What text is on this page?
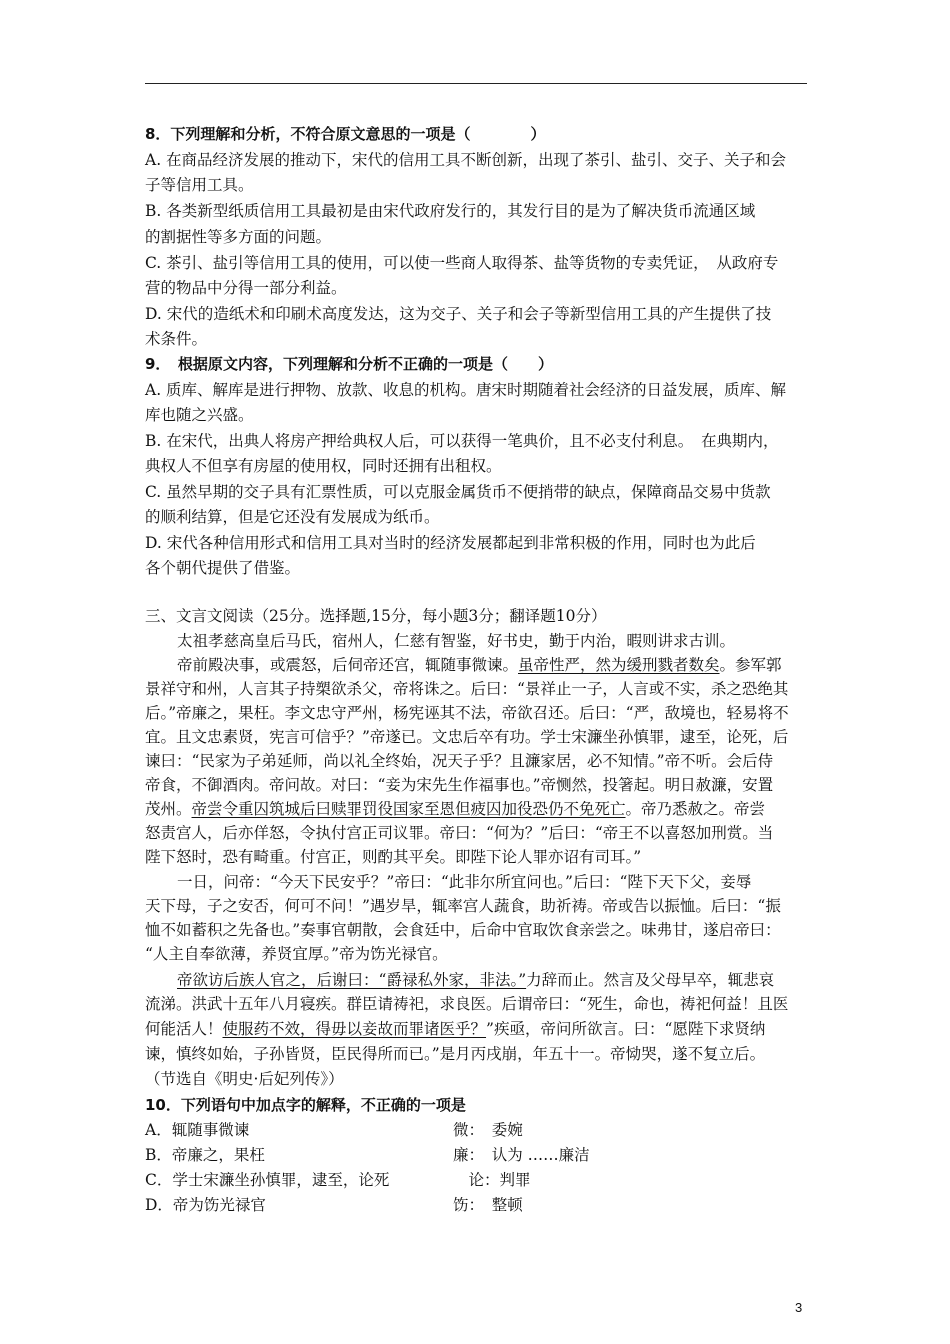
8．下列理解和分析，不符合原文意思的一项是（　　　　）
A. 在商品经济发展的推动下，宋代的信用工具不断创新，出现了茶引、盐引、交子、关子和会
子等信用工具。
B. 各类新型纸质信用工具最初是由宋代政府发行的，其发行目的是为了解决货币流通区域
的割据性等多方面的问题。
C. 茶引、盐引等信用工具的使用，可以使一些商人取得茶、盐等货物的专卖凭证，　从政府专
营的物品中分得一部分利益。
D. 宋代的造纸术和印刷术高度发达，这为交子、关子和会子等新型信用工具的产生提供了技
术条件。
9．　根据原文内容，下列理解和分析不正确的一项是（　　）
A. 质库、解库是进行押物、放款、收息的机构。唐宋时期随着社会经济的日益发展，质库、解
库也随之兴盛。
B. 在宋代，出典人将房产押给典权人后，可以获得一笔典价，且不必支付利息。　在典期内，
典权人不但享有房屋的使用权，同时还拥有出租权。
C. 虽然早期的交子具有汇票性质，可以克服金属货币不便捎带的缺点，保障商品交易中货款
的顺利结算，但是它还没有发展成为纸币。
D. 宋代各种信用形式和信用工具对当时的经济发展都起到非常积极的作用，同时也为此后
各个朝代提供了借鉴。
三、文言文阅读（25分。选择题,15分，每小题3分；翻译题10分）
太祖孝慈高皇后马氏，宿州人，仁慈有智鉴，好书史，勤于内治，暇则讲求古训。
帝前殿决事，或震怒，后伺帝还宫，辄随事微谏。虽帝性严，然为缓刑戮者数矣。参军郭
景祥守和州，人言其子持槊欲杀父，帝将诛之。后曰：“景祥止一子，人言或不实，杀之恐绝其
后。”帝廉之，果枉。李文忠守严州，杨宪诬其不法，帝欲召还。后曰：“严，敌境也，轻易将不
宜。且文忠素贤，宪言可信乎？”帝遂已。文忠后卒有功。学士宋濂坐孙慎罪，逮至，论死，后
谏曰：“民家为子弟延师，尚以礼全终始，况天子乎？且濂家居，必不知情。”帝不听。会后侍
帝食，不御酒肉。帝问故。对曰：“妾为宋先生作福事也。”帝恻然，投箸起。明日赦濂，安置
茂州。帝尝令重囚筑城后曰赎罪罚役国家至恩但疲囚加役恐仍不免死亡。帝乃悉赦之。帝尝
怒责宫人，后亦佯怒，令执付宫正司议罪。帝曰：“何为？”后曰：“帝王不以喜怒加刑赏。当
陛下怒时，恐有畸重。付宫正，则酌其平矣。即陛下论人罪亦诏有司耳。”
一日，问帝：“今天下民安乎？”帝曰：“此非尔所宜问也。”后曰：“陛下天下父，妾辱
天下母，子之安否，何可不问！”遇岁旱，辄率宫人蔬食，助祈祷。帝或告以振恤。后曰：“振
恤不如蓄积之先备也。”奏事官朝散，会食廷中，后命中官取饮食亲尝之。味弗甘，遂启帝曰：
“人主自奉欲薄，养贤宜厚。”帝为饬光禄官。
帝欲访后族人官之，后谢曰：“爵禄私外家，非法。”力辞而止。然言及父母早卒，辄悲哀
流涕。洪武十五年八月寝疾。群臣请祷祀，求良医。后谓帝曰：“死生，命也，祷祀何益！且医
何能活人！使服药不效，得毋以妾故而罪诸医乎？”疾亟，帝问所欲言。曰：“愿陛下求贤纳
谏，慎终如始，子孙皆贤，臣民得所而已。”是月丙戌崩，年五十一。帝恸哭，遂不复立后。
（节选自《明史·后妃列传》）
10．下列语句中加点字的解释，不正确的一项是
A．辄随事微谏	微：　委婉
B．帝廉之，果枉	廉：　认为 ……廉洁
C．学士宋濂坐孙慎罪，逮至，论死	　论：判罪
D．帝为饬光禄官	饬：　整顿
3
